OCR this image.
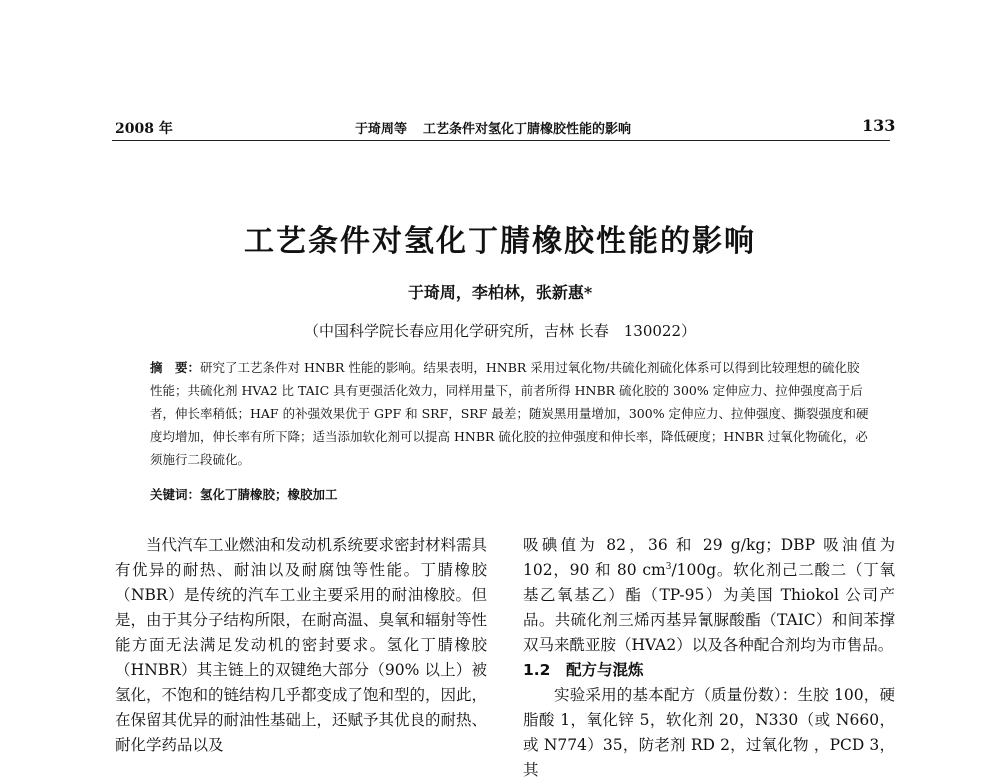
2008 年	于琦周等 工艺条件对氢化丁腈橡胶性能的影响	133
工艺条件对氢化丁腈橡胶性能的影响
于琦周，李柏林，张新惠*
（中国科学院长春应用化学研究所，吉林 长春　130022）
摘　要：研究了工艺条件对 HNBR 性能的影响。结果表明，HNBR 采用过氧化物/共硫化剂硫化体系可以得到比较理想的硫化胶性能；共硫化剂 HVA2 比 TAIC 具有更强活化效力，同样用量下，前者所得 HNBR 硫化胶的 300% 定伸应力、拉伸强度高于后者，伸长率稍低；HAF 的补强效果优于 GPF 和 SRF，SRF 最差；随炭黑用量增加，300% 定伸应力、拉伸强度、撕裂强度和硬度均增加，伸长率有所下降；适当添加软化剂可以提高 HNBR 硫化胶的拉伸强度和伸长率，降低硬度；HNBR 过氧化物硫化，必须施行二段硫化。
关键词：氢化丁腈橡胶；橡胶加工

当代汽车工业燃油和发动机系统要求密封材料需具有优异的耐热、耐油以及耐腐蚀等性能。丁腈橡胶（NBR）是传统的汽车工业主要采用的耐油橡胶。但是，由于其分子结构所限，在耐高温、臭氧和辐射等性能方面无法满足发动机的密封要求。氢化丁腈橡胶（HNBR）其主链上的双键绝大部分（90% 以上）被氢化，不饱和的链结构几乎都变成了饱和型的，因此，在保留其优异的耐油性基础上，还赋予其优良的耐热、耐化学药品以及

吸碘值为 82，36 和 29 g/kg；DBP 吸油值为 102，90 和 80 $cm^3/100g$。软化剂己二酸二（丁氧基乙氧基乙）酯（TP-95）为美国 Thiokol 公司产品。共硫化剂三烯丙基异氰脲酸酯（TAIC）和间苯撑双马来酰亚胺（HVA2）以及各种配合剂均为市售品。

1.2　 配方与混炼

实验采用的基本配方（质量份数）：生胶 100，硬脂酸 1，氧化锌 5，软化剂 20，N330（或 N660，或 N774）35，防老剂 RD 2，过氧化物 ，PCD 3，其
